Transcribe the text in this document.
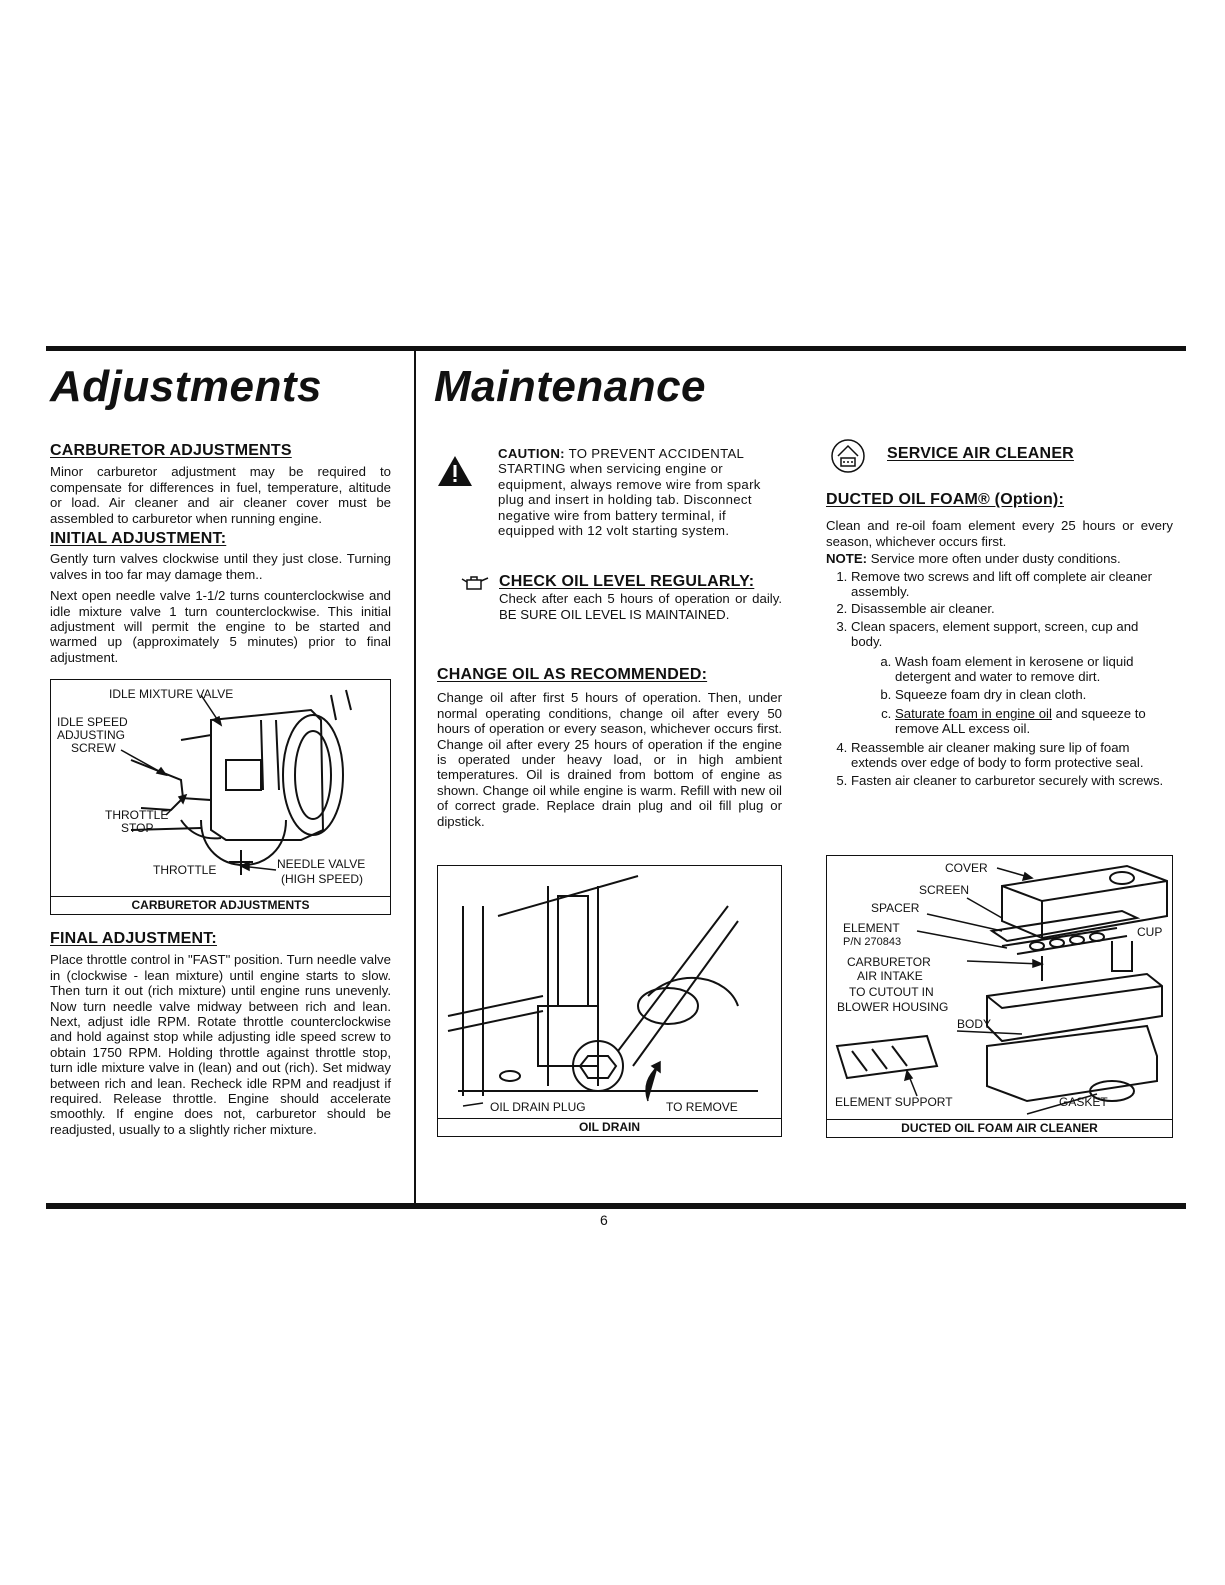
Adjustments
CARBURETOR ADJUSTMENTS

Minor carburetor adjustment may be required to compensate for differences in fuel, temperature, altitude or load. Air cleaner and air cleaner cover must be assembled to carburetor when running engine.

INITIAL ADJUSTMENT:

Gently turn valves clockwise until they just close. Turning valves in too far may damage them..

Next open needle valve 1-1/2 turns counterclockwise and idle mixture valve 1 turn counterclockwise. This initial adjustment will permit the engine to be started and warmed up (approximately 5 minutes) prior to final adjustment.

IDLE MIXTURE VALVE
IDLE SPEED
ADJUSTING
SCREW
THROTTLE
STOP
THROTTLE	NEEDLE VALVE
(HIGH SPEED)
CARBURETOR ADJUSTMENTS
FINAL ADJUSTMENT:

Place throttle control in "FAST" position. Turn needle valve in (clockwise - lean mixture) until engine starts to slow. Then turn it out (rich mixture) until engine runs unevenly. Now turn needle valve midway between rich and lean. Next, adjust idle RPM. Rotate throttle counterclockwise and hold against stop while adjusting idle speed screw to obtain 1750 RPM. Holding throttle against throttle stop, turn idle mixture valve in (lean) and out (rich). Set midway between rich and lean. Recheck idle RPM and readjust if required. Release throttle. Engine should accelerate smoothly. If engine does not, carburetor should be readjusted, usually to a slightly richer mixture.

Maintenance

CAUTION: TO PREVENT ACCIDENTAL STARTING when servicing engine or equipment, always remove wire from spark plug and insert in holding tab. Disconnect negative wire from battery terminal, if equipped with 12 volt starting system.

CHECK OIL LEVEL REGULARLY:

Check after each 5 hours of operation or daily. BE SURE OIL LEVEL IS MAINTAINED.

CHANGE OIL AS RECOMMENDED:

Change oil after first 5 hours of operation. Then, under normal operating conditions, change oil after every 50 hours of operation or every season, whichever occurs first. Change oil after every 25 hours of operation if the engine is operated under heavy load, or in high ambient temperatures. Oil is drained from bottom of engine as shown. Change oil while engine is warm. Refill with new oil of correct grade. Replace drain plug and oil fill plug or dipstick.

OIL DRAIN PLUG	TO REMOVE
OIL DRAIN
SERVICE AIR CLEANER
DUCTED OIL FOAM® (Option):

Clean and re-oil foam element every 25 hours or every season, whichever occurs first.

NOTE: Service more often under dusty conditions.

1. Remove two screws and lift off complete air cleaner assembly.
2. Disassemble air cleaner.
3. Clean spacers, element support, screen, cup and body.
a. Wash foam element in kerosene or liquid detergent and water to remove dirt.
b. Squeeze foam dry in clean cloth.
c. Saturate foam in engine oil and squeeze to remove ALL excess oil.
4. Reassemble air cleaner making sure lip of foam extends over edge of body to form protective seal.
5. Fasten air cleaner to carburetor securely with screws.
COVER
SCREEN
SPACER
ELEMENT
P/N 270843
CUP
CARBURETOR
AIR INTAKE
TO CUTOUT IN
BLOWER HOUSING
BODY
ELEMENT SUPPORT	GASKET
DUCTED OIL FOAM AIR CLEANER
6
